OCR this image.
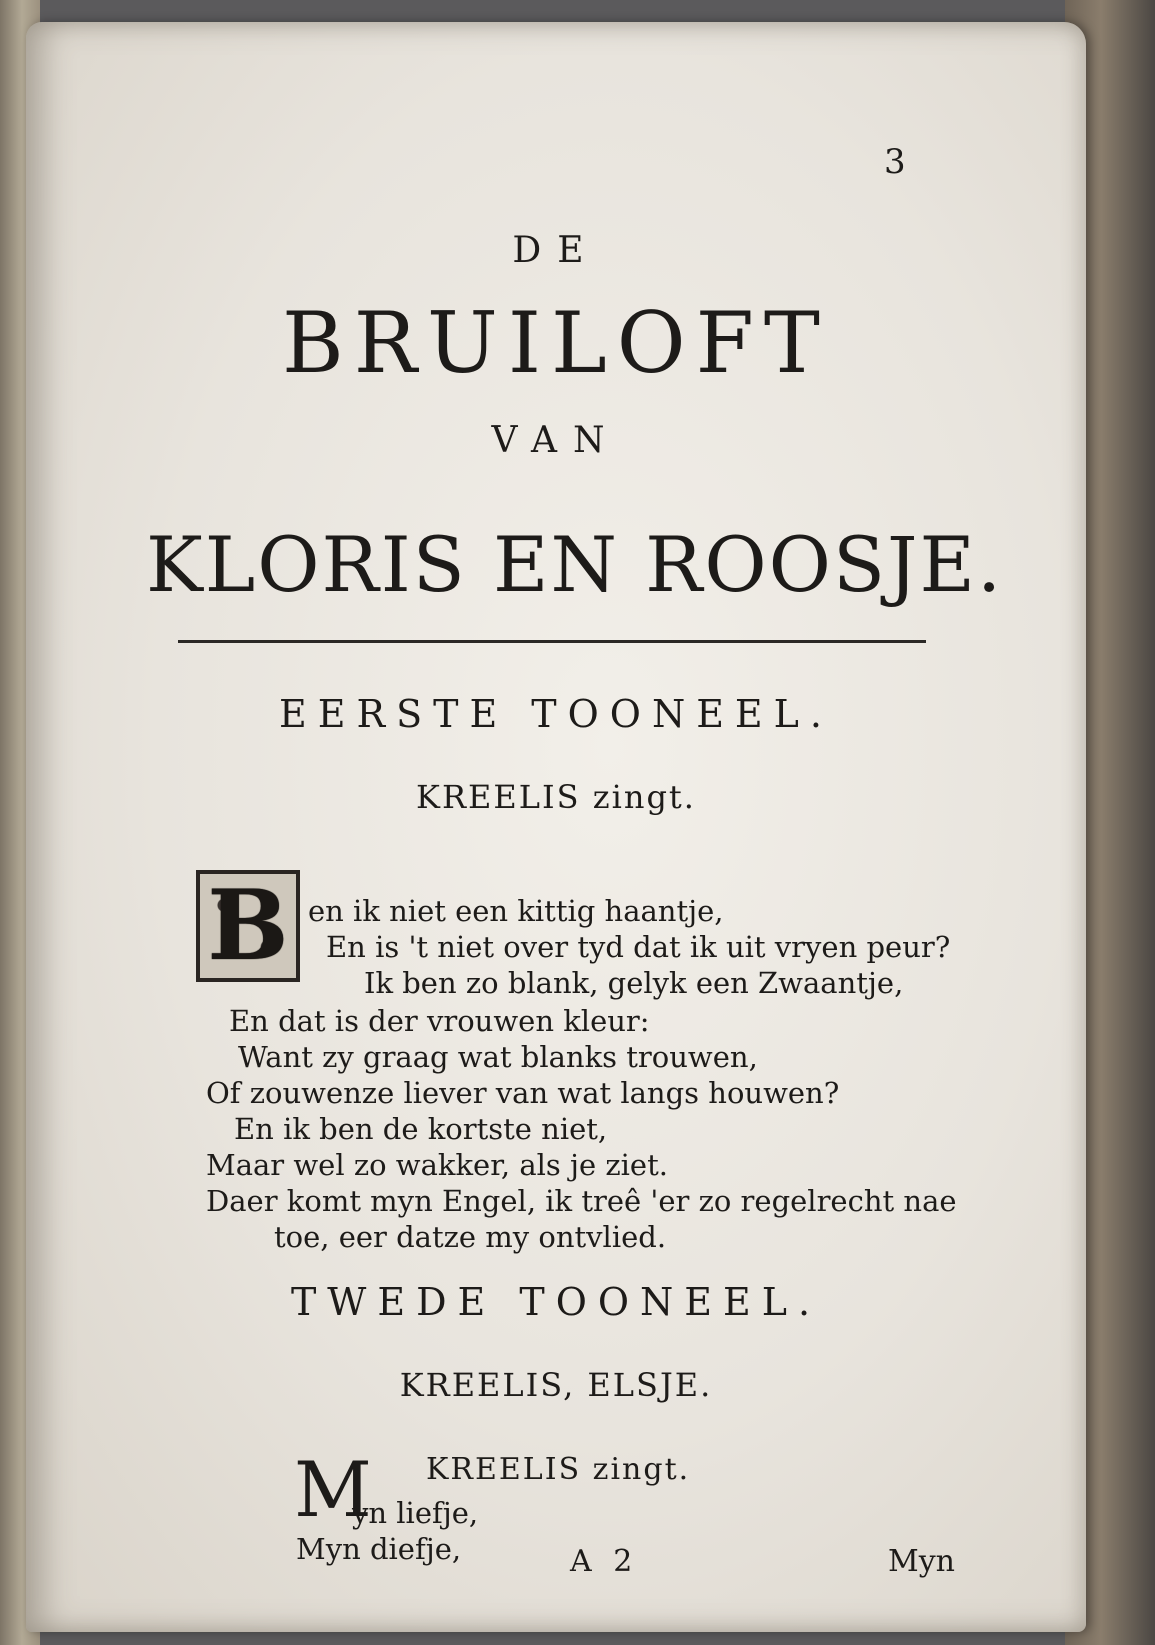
3
DE
BRUILOFT
VAN
KLORIS EN ROOSJE.
EERSTE TOONEEL.
KREELIS zingt.
B en ik niet een kittig haantje,
En is 't niet over tyd dat ik uit vryen peur?
Ik ben zo blank, gelyk een Zwaantje,
En dat is der vrouwen kleur:
Want zy graag wat blanks trouwen,
Of zouwenze liever van wat langs houwen?
En ik ben de kortste niet,
Maar wel zo wakker, als je ziet.
Daer komt myn Engel, ik treê 'er zo regelrecht nae
toe, eer datze my ontvlied.
TWEDE TOONEEL.
KREELIS, ELSJE.
KREELIS zingt.
M
yn liefje,
Myn diefje,	A 2	Myn
